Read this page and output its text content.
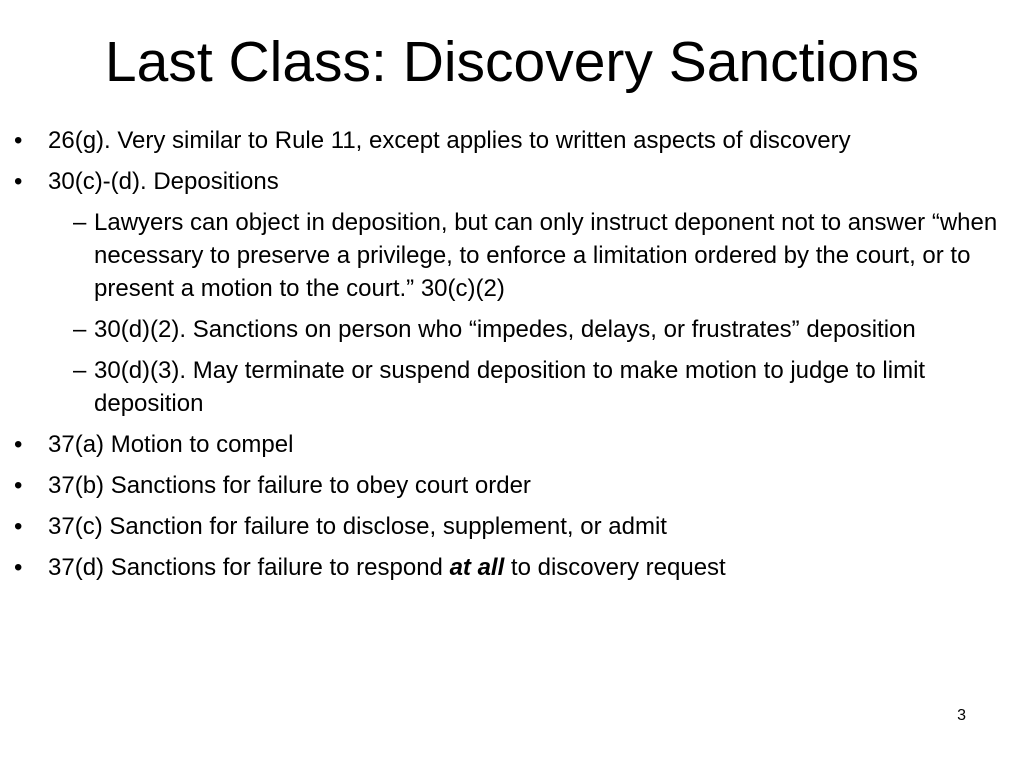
Last Class: Discovery Sanctions
• 26(g). Very similar to Rule 11, except applies to written aspects of discovery
• 30(c)-(d). Depositions
– Lawyers can object in deposition, but can only instruct deponent not to answer “when necessary to preserve a privilege, to enforce a limitation ordered by the court, or to present a motion to the court.” 30(c)(2)
– 30(d)(2). Sanctions on person who “impedes, delays, or frustrates” deposition
– 30(d)(3). May terminate or suspend deposition to make motion to judge to limit deposition
• 37(a) Motion to compel
• 37(b) Sanctions for failure to obey court order
• 37(c) Sanction for failure to disclose, supplement, or admit
• 37(d) Sanctions for failure to respond at all to discovery request
3
